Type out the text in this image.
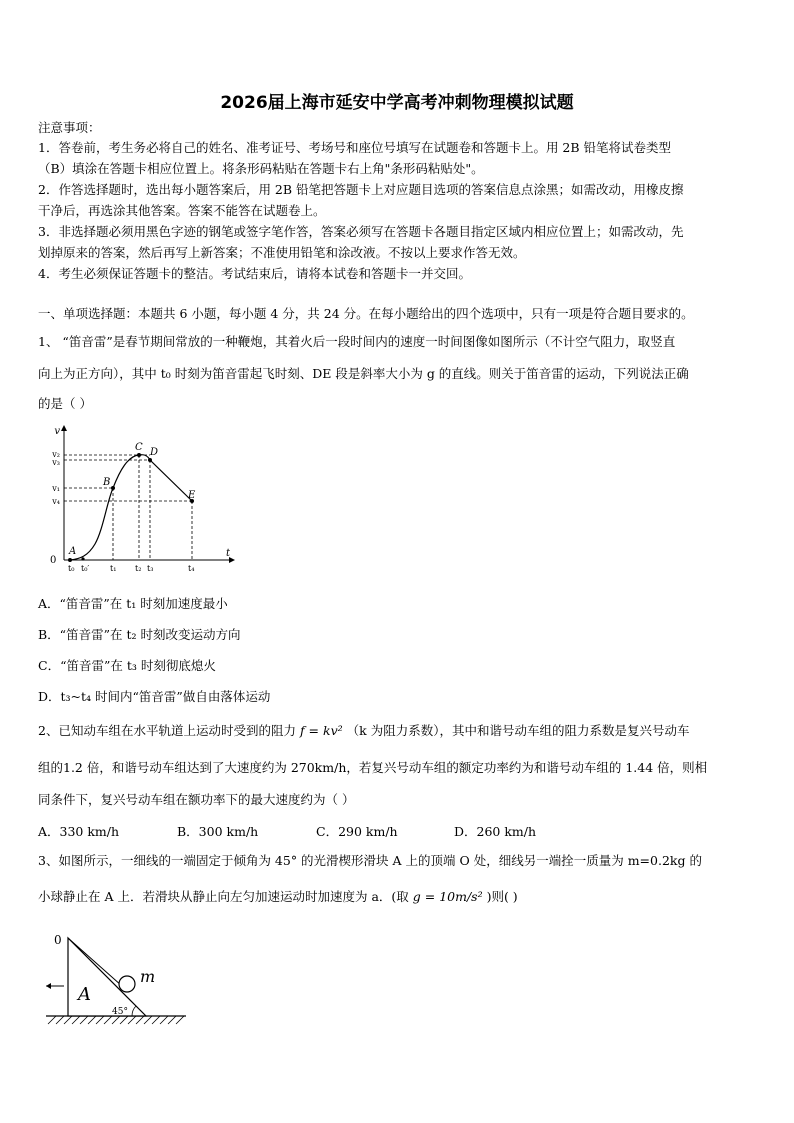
2026届上海市延安中学高考冲刺物理模拟试题
注意事项：
1．答卷前，考生务必将自己的姓名、准考证号、考场号和座位号填写在试题卷和答题卡上。用 2B 铅笔将试卷类型
（B）填涂在答题卡相应位置上。将条形码粘贴在答题卡右上角"条形码粘贴处"。
2．作答选择题时，选出每小题答案后，用 2B 铅笔把答题卡上对应题目选项的答案信息点涂黑；如需改动，用橡皮擦
干净后，再选涂其他答案。答案不能答在试题卷上。
3．非选择题必须用黑色字迹的钢笔或签字笔作答，答案必须写在答题卡各题目指定区域内相应位置上；如需改动，先
划掉原来的答案，然后再写上新答案；不准使用铅笔和涂改液。不按以上要求作答无效。
4．考生必须保证答题卡的整洁。考试结束后，请将本试卷和答题卡一并交回。
一、单项选择题：本题共 6 小题，每小题 4 分，共 24 分。在每小题给出的四个选项中，只有一项是符合题目要求的。
1、 “笛音雷”是春节期间常放的一种鞭炮，其着火后一段时间内的速度一时间图像如图所示（不计空气阻力，取竖直
向上为正方向），其中 t₀ 时刻为笛音雷起飞时刻、DE 段是斜率大小为 g 的直线。则关于笛音雷的运动，下列说法正确
的是（ ）
v
t
0
v₂
v₃
v₁
v₄
t₀ t₀′	t₁ t₂ t₃	t₄
A
B
C D
E
A．“笛音雷”在 t₁ 时刻加速度最小
B．“笛音雷”在 t₂ 时刻改变运动方向
C．“笛音雷”在 t₃ 时刻彻底熄火
D．t₃~t₄ 时间内“笛音雷”做自由落体运动
2、已知动车组在水平轨道上运动时受到的阻力 f = kv² （k 为阻力系数），其中和谐号动车组的阻力系数是复兴号动车
组的1.2 倍，和谐号动车组达到了大速度约为 270km/h，若复兴号动车组的额定功率约为和谐号动车组的 1.44 倍，则相
同条件下，复兴号动车组在额功率下的最大速度约为（ ）
A．330 km/h	B．300 km/h	C．290 km/h	D．260 km/h
3、如图所示，一细线的一端固定于倾角为 45° 的光滑楔形滑块 A 上的顶端 O 处，细线另一端拴一质量为 m=0.2kg 的
小球静止在 A 上．若滑块从静止向左匀加速运动时加速度为 a．(取 g = 10m/s² )则( )
0
A
m
45°
